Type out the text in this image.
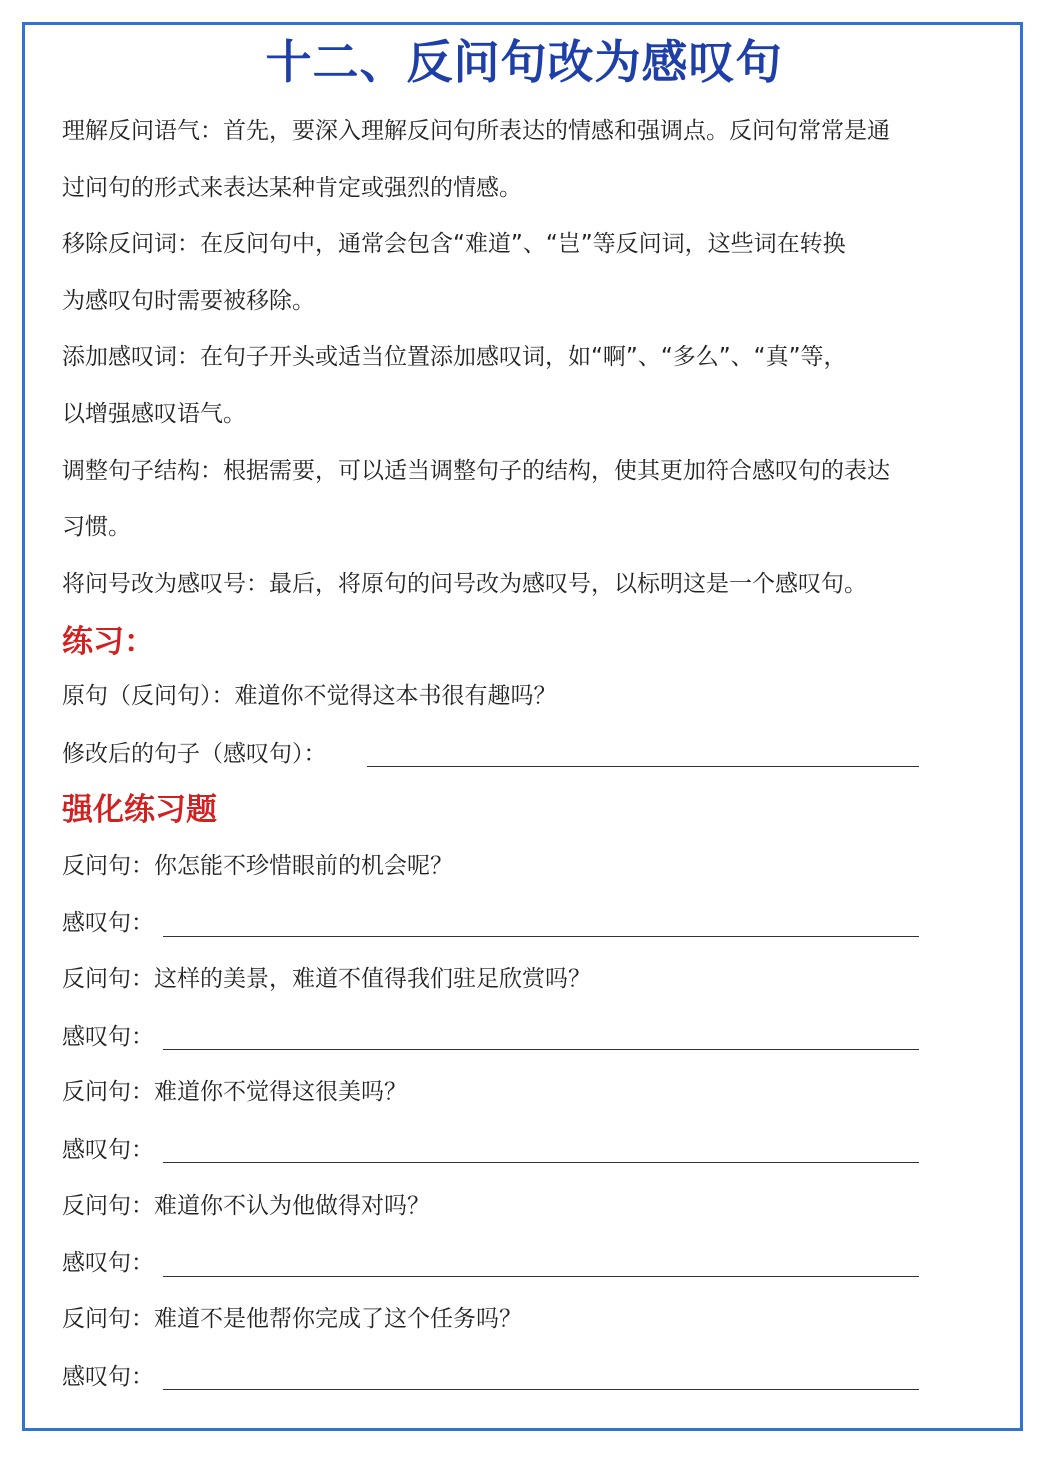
十二、反问句改为感叹句
理解反问语气：首先，要深入理解反问句所表达的情感和强调点。反问句常常是通
过问句的形式来表达某种肯定或强烈的情感。
移除反问词：在反问句中，通常会包含“难道”、“岂”等反问词，这些词在转换
为感叹句时需要被移除。
添加感叹词：在句子开头或适当位置添加感叹词，如“啊”、“多么”、“真”等，
以增强感叹语气。
调整句子结构：根据需要，可以适当调整句子的结构，使其更加符合感叹句的表达
习惯。
将问号改为感叹号：最后，将原句的问号改为感叹号，以标明这是一个感叹句。
练习：
原句（反问句）：难道你不觉得这本书很有趣吗？
修改后的句子（感叹句）：
强化练习题
反问句：你怎能不珍惜眼前的机会呢？
感叹句：
反问句：这样的美景，难道不值得我们驻足欣赏吗？
感叹句：
反问句：难道你不觉得这很美吗？
感叹句：
反问句：难道你不认为他做得对吗？
感叹句：
反问句：难道不是他帮你完成了这个任务吗？
感叹句：
